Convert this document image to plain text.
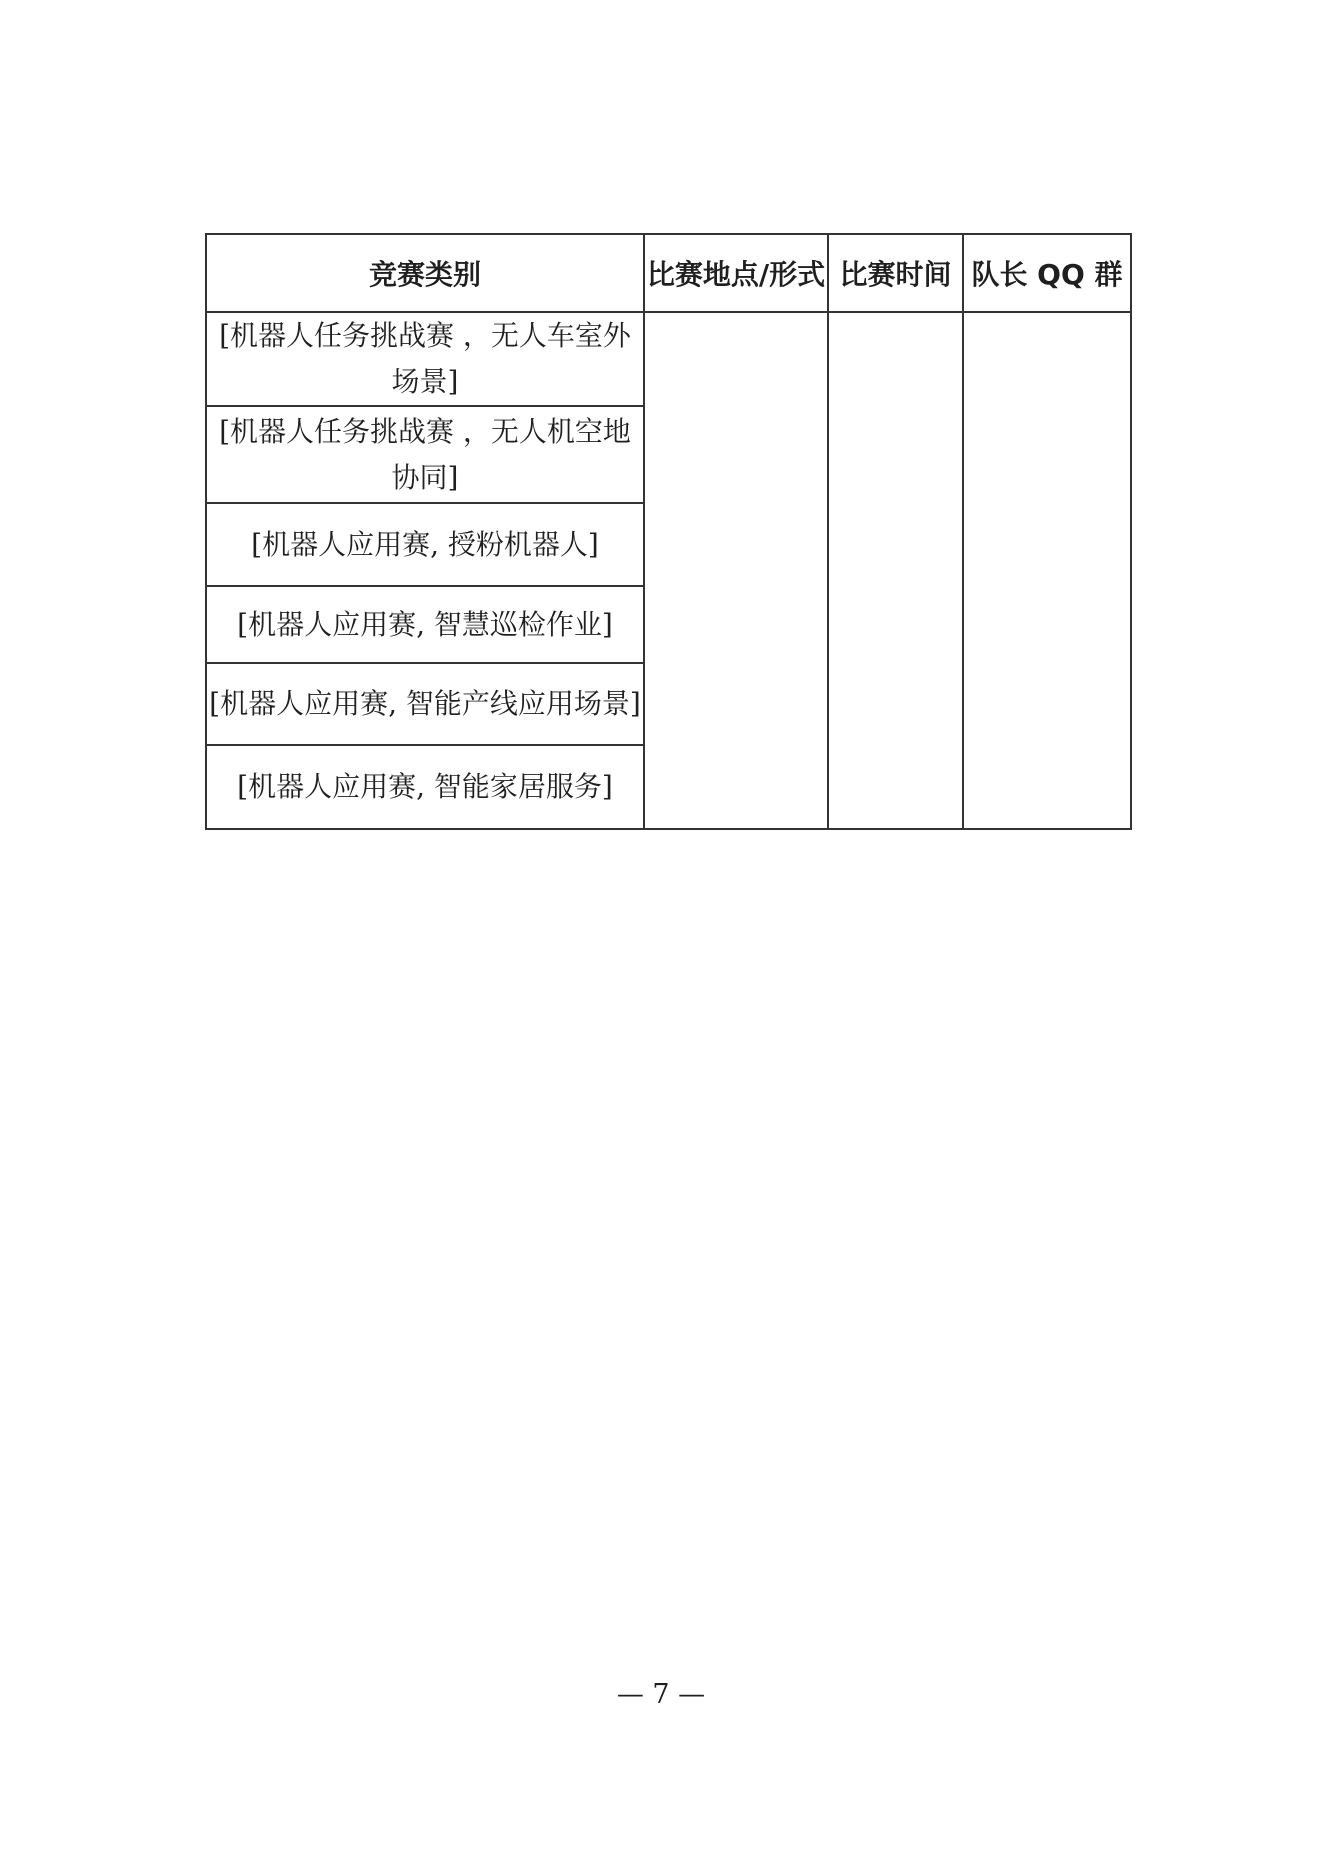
竞赛类别	比赛地点/形式	比赛时间	队长 QQ 群
[机器人任务挑战赛 ，无人车室外场景]			
[机器人任务挑战赛 ，无人机空地协同]			
[机器人应用赛, 授粉机器人]			
[机器人应用赛, 智慧巡检作业]			
[机器人应用赛, 智能产线应用场景]			
[机器人应用赛, 智能家居服务]			
— 7 —
